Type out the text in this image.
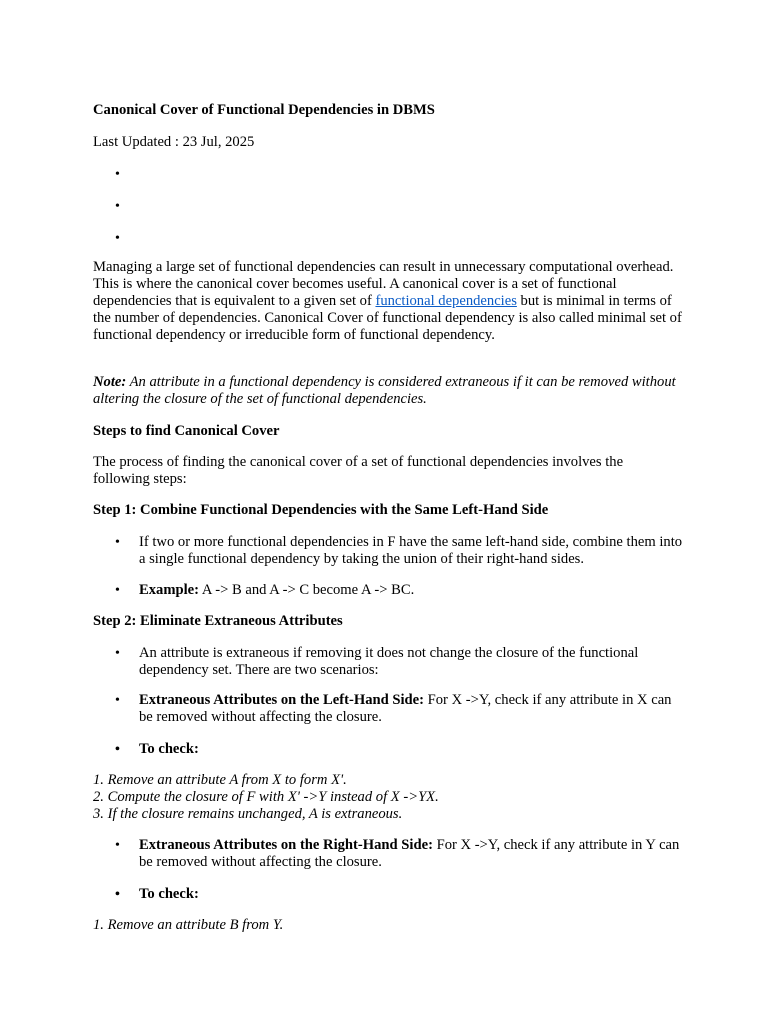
Canonical Cover of Functional Dependencies in DBMS

Last Updated : 23 Jul, 2025

•
•
•

Managing a large set of functional dependencies can result in unnecessary computational overhead. This is where the canonical cover becomes useful. A canonical cover is a set of functional dependencies that is equivalent to a given set of functional dependencies but is minimal in terms of the number of dependencies. Canonical Cover of functional dependency is also called minimal set of functional dependency or irreducible form of functional dependency.

Note: An attribute in a functional dependency is considered extraneous if it can be removed without altering the closure of the set of functional dependencies.

Steps to find Canonical Cover

The process of finding the canonical cover of a set of functional dependencies involves the following steps:

Step 1: Combine Functional Dependencies with the Same Left-Hand Side

• If two or more functional dependencies in F have the same left-hand side, combine them into a single functional dependency by taking the union of their right-hand sides.
• Example: A -> B and A -> C become A -> BC.

Step 2: Eliminate Extraneous Attributes

• An attribute is extraneous if removing it does not change the closure of the functional dependency set. There are two scenarios:
• Extraneous Attributes on the Left-Hand Side: For X ->Y, check if any attribute in X can be removed without affecting the closure.
• To check:

1. Remove an attribute A from X to form X'.
2. Compute the closure of F with X' ->Y instead of X ->YX.
3. If the closure remains unchanged, A is extraneous.

• Extraneous Attributes on the Right-Hand Side: For X ->Y, check if any attribute in Y can be removed without affecting the closure.
• To check:

1. Remove an attribute B from Y.
